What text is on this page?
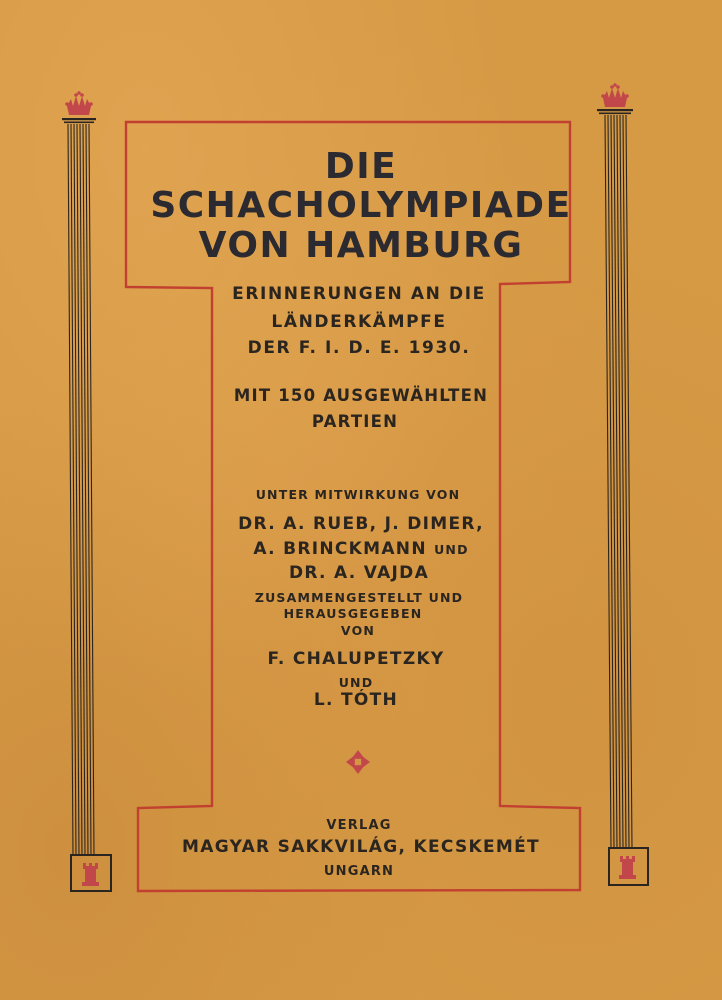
DIE
SCHACHOLYMPIADE
VON HAMBURG
ERINNERUNGEN AN DIE
LÄNDERKÄMPFE
DER F. I. D. E. 1930.
MIT 150 AUSGEWÄHLTEN
PARTIEN
UNTER MITWIRKUNG VON
DR. A. RUEB, J. DIMER,
A. BRINCKMANN UND
DR. A. VAJDA
ZUSAMMENGESTELLT UND
HERAUSGEGEBEN
VON
F. CHALUPETZKY
UND
L. TÓTH
VERLAG
MAGYAR SAKKVILÁG, KECSKEMÉT
UNGARN
